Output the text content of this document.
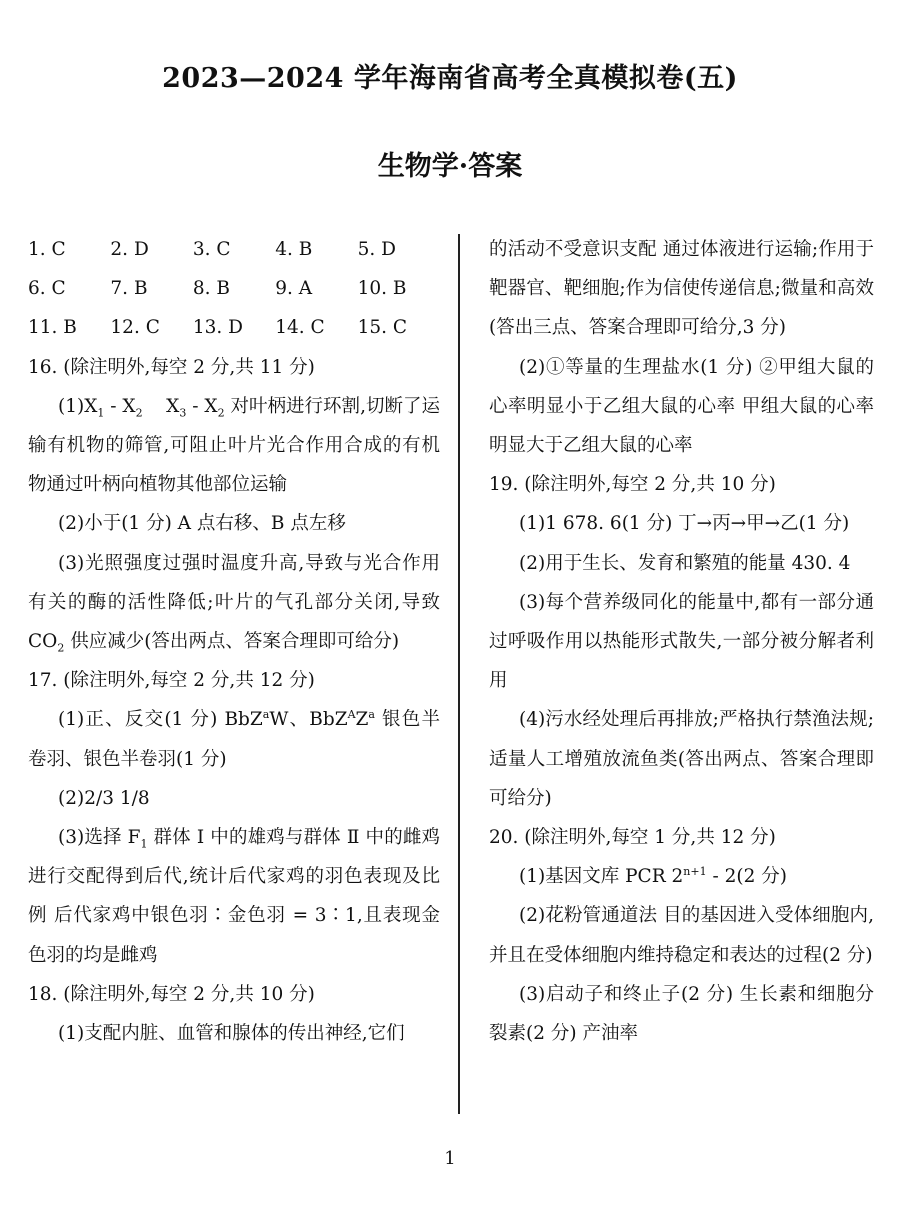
2023—2024 学年海南省高考全真模拟卷(五)
生物学·答案
1. C	2. D	3. C	4. B	5. D
6. C	7. B	8. B	9. A	10. B
11. B	12. C	13. D	14. C	15. C
16. (除注明外,每空 2 分,共 11 分)
$(1)X_1 - X_2$    $X_3 - X_2$ 对叶柄进行环割,切断了运输有机物的筛管,可阻止叶片光合作用合成的有机物通过叶柄向植物其他部位运输
(2)小于(1 分) A 点右移、B 点左移
(3)光照强度过强时温度升高,导致与光合作用有关的酶的活性降低;叶片的气孔部分关闭,导致 $CO_2$ 供应减少(答出两点、答案合理即可给分)
17. (除注明外,每空 2 分,共 12 分)
(1)正、反交(1 分) BbZ$^a$W、$BbZ^AZ^a$ 银色半卷羽、银色半卷羽(1 分)
(2)2/3 1/8
(3)选择 $F_1$ 群体 Ⅰ 中的雄鸡与群体 Ⅱ 中的雌鸡进行交配得到后代,统计后代家鸡的羽色表现及比例 后代家鸡中银色羽∶金色羽 = 3∶1,且表现金色羽的均是雌鸡
18. (除注明外,每空 2 分,共 10 分)
(1)支配内脏、血管和腺体的传出神经,它们
的活动不受意识支配 通过体液进行运输;作用于靶器官、靶细胞;作为信使传递信息;微量和高效(答出三点、答案合理即可给分,3 分)
(2)①等量的生理盐水(1 分) ②甲组大鼠的心率明显小于乙组大鼠的心率 甲组大鼠的心率明显大于乙组大鼠的心率
19. (除注明外,每空 2 分,共 10 分)
(1)1 678. 6(1 分) 丁→丙→甲→乙(1 分)
(2)用于生长、发育和繁殖的能量 430. 4
(3)每个营养级同化的能量中,都有一部分通过呼吸作用以热能形式散失,一部分被分解者利用
(4)污水经处理后再排放;严格执行禁渔法规;适量人工增殖放流鱼类(答出两点、答案合理即可给分)
20. (除注明外,每空 1 分,共 12 分)
(1)基因文库 PCR $2^{n+1} - 2(2$ 分)
(2)花粉管通道法 目的基因进入受体细胞内,并且在受体细胞内维持稳定和表达的过程(2 分)
(3)启动子和终止子(2 分) 生长素和细胞分裂素(2 分) 产油率
1
